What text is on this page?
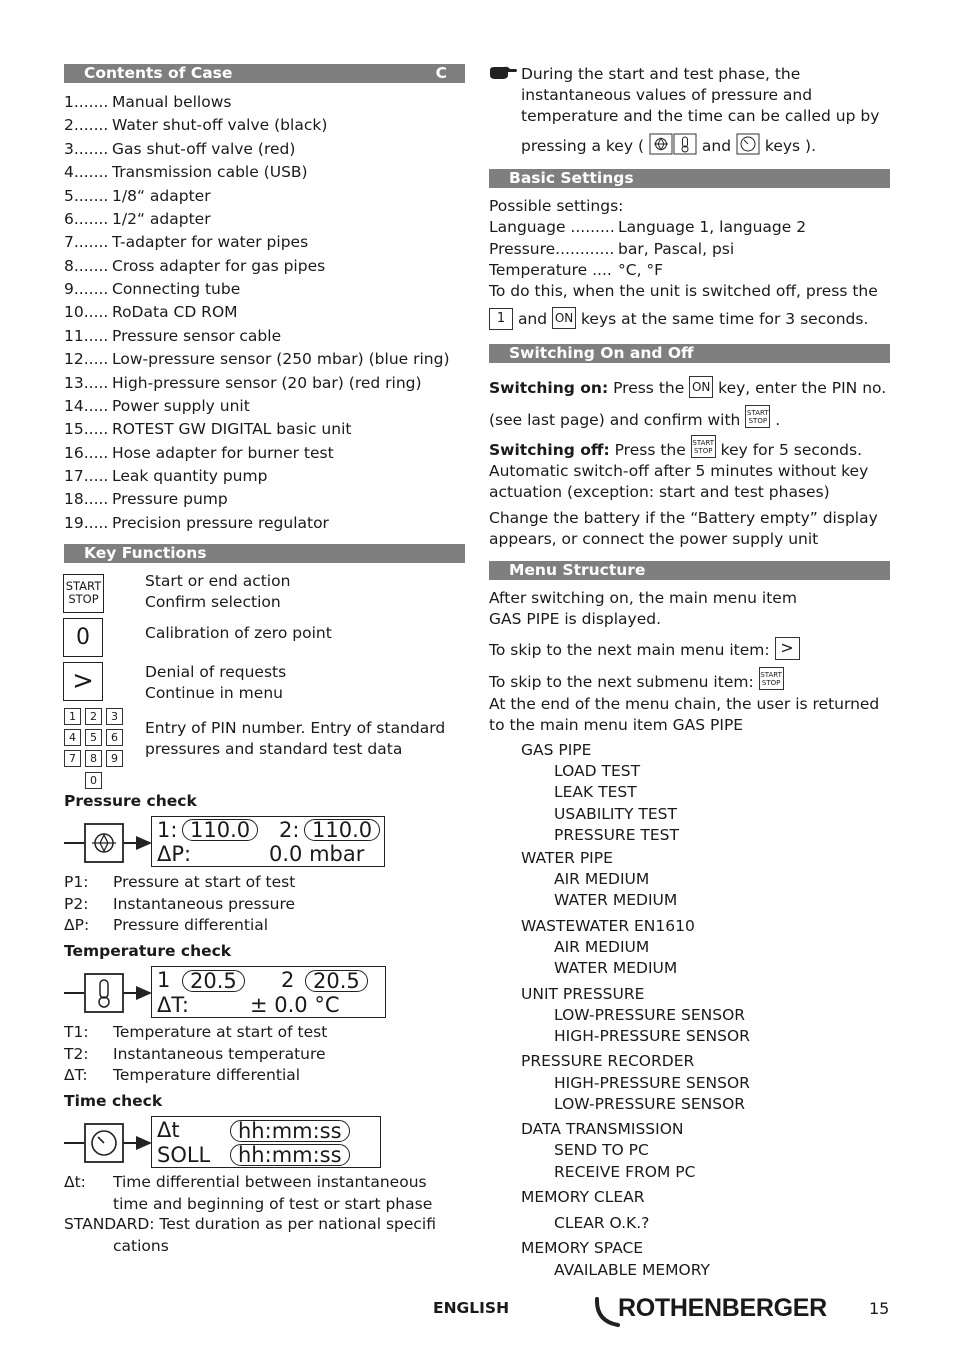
Contents of Case	C
1....... Manual bellows
2....... Water shut-off valve (black)
3....... Gas shut-off valve (red)
4....... Transmission cable (USB)
5....... 1/8“ adapter
6....... 1/2“ adapter
7....... T-adapter for water pipes
8....... Cross adapter for gas pipes
9....... Connecting tube
10..... RoData CD ROM
11..... Pressure sensor cable
12..... Low-pressure sensor (250 mbar) (blue ring)
13..... High-pressure sensor (20 bar) (red ring)
14..... Power supply unit
15..... ROTEST GW DIGITAL basic unit
16..... Hose adapter for burner test
17..... Leak quantity pump
18..... Pressure pump
19..... Precision pressure regulator
Key Functions
START
STOP
Start or end action
Confirm selection
0	Calibration of zero point
>	Denial of requests
Continue in menu
1	2	3
4	5	6
7	8	9
0
Entry of PIN number. Entry of standard
pressures and standard test data
Pressure check
1: 110.0	2: 110.0
ΔP:	0.0 mbar
P1: Pressure at start of test
P2: Instantaneous pressure
ΔP: Pressure differential
Temperature check
1 20.5	2 20.5
ΔT:	± 0.0 °C
T1: Temperature at start of test
T2: Instantaneous temperature
ΔT: Temperature differential
Time check
Δt	hh:mm:ss
SOLL	hh:mm:ss
Δt: Time differential between instantaneous
time and beginning of test or start phase
STANDARD: Test duration as per national specifi
cations
During the start and test phase, the
instantaneous values of pressure and
temperature and the time can be called up by
pressing a key (	and keys ).
Basic Settings
Possible settings:
Language ......... Language 1, language 2
Pressure............ bar, Pascal, psi
Temperature .... °C, °F
To do this, when the unit is switched off, press the
1 and ON keys at the same time for 3 seconds.
Switching On and Off
Switching on: Press the ON key, enter the PIN no.
(see last page) and confirm with START
STOP .
Switching off: Press the START
STOP key for 5 seconds.
Automatic switch-off after 5 minutes without key
actuation (exception: start and test phases)
Change the battery if the “Battery empty” display
appears, or connect the power supply unit
Menu Structure
After switching on, the main menu item
GAS PIPE is displayed.
To skip to the next main menu item: >
To skip to the next submenu item: START
STOP
At the end of the menu chain, the user is returned
to the main menu item GAS PIPE
GAS PIPE
LOAD TEST
LEAK TEST
USABILITY TEST
PRESSURE TEST
WATER PIPE
AIR MEDIUM
WATER MEDIUM
WASTEWATER EN1610
AIR MEDIUM
WATER MEDIUM
UNIT PRESSURE
LOW-PRESSURE SENSOR
HIGH-PRESSURE SENSOR
PRESSURE RECORDER
HIGH-PRESSURE SENSOR
LOW-PRESSURE SENSOR
DATA TRANSMISSION
SEND TO PC
RECEIVE FROM PC
MEMORY CLEAR
CLEAR O.K.?
MEMORY SPACE
AVAILABLE MEMORY
ENGLISH	ROTHENBERGER	15
